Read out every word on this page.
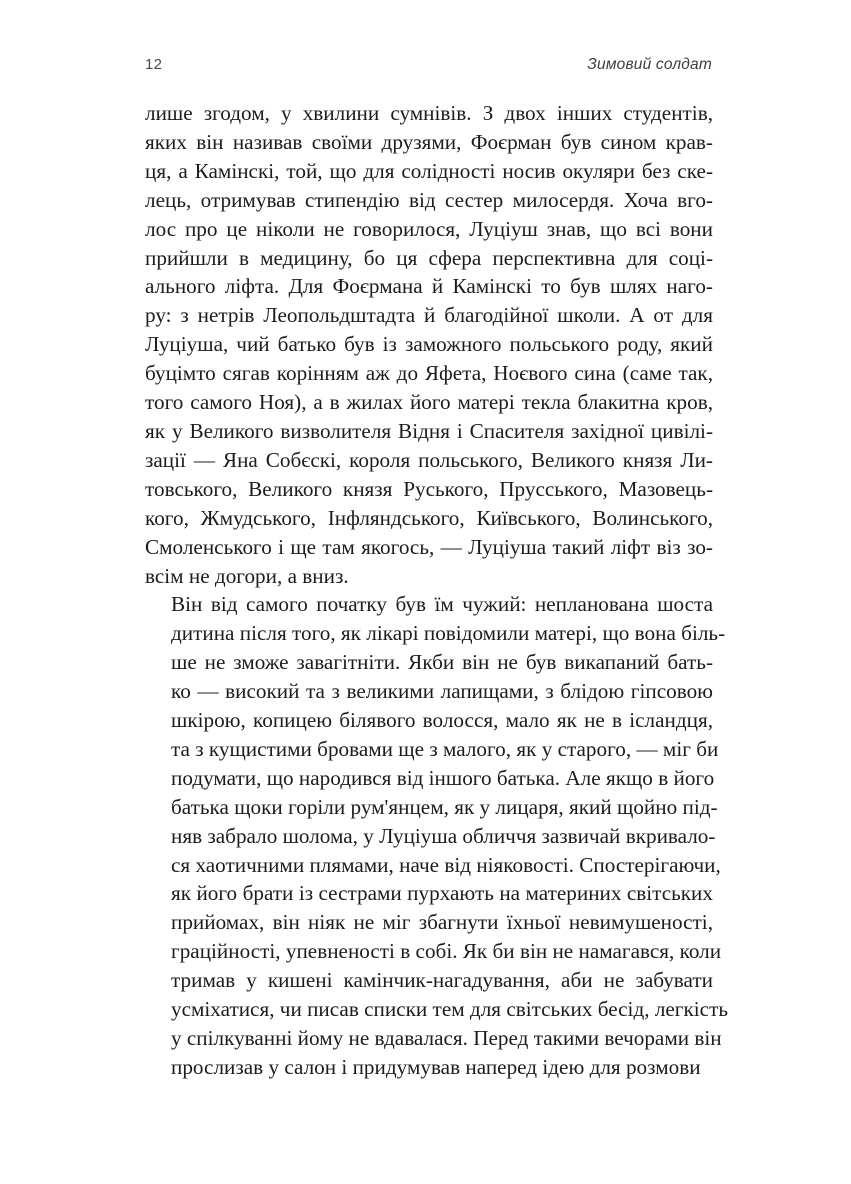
12	Зимовий солдат

лише згодом, у хвилини сумнівів. З двох інших студентів,
яких він називав своїми друзями, Фоєрман був сином крав-
ця, а Камінскі, той, що для солідності носив окуляри без ске-
лець, отримував стипендію від сестер милосердя. Хоча вго-
лос про це ніколи не говорилося, Луціуш знав, що всі вони
прийшли в медицину, бо ця сфера перспективна для соці-
ального ліфта. Для Фоєрмана й Камінскі то був шлях наго-
ру: з нетрів Леопольдштадта й благодійної школи. А от для
Луціуша, чий батько був із заможного польського роду, який
буцімто сягав корінням аж до Яфета, Ноєвого сина (саме так,
того самого Ноя), а в жилах його матері текла блакитна кров,
як у Великого визволителя Відня і Спасителя західної цивілі-
зації — Яна Собєскі, короля польського, Великого князя Ли-
товського, Великого князя Руського, Прусського, Мазовець-
кого, Жмудського, Інфляндського, Київського, Волинського,
Смоленського і ще там якогось, — Луціуша такий ліфт віз зо-
всім не догори, а вниз.

Він від самого початку був їм чужий: непланована шоста
дитина після того, як лікарі повідомили матері, що вона біль-
ше не зможе завагітніти. Якби він не був викапаний бать-
ко — високий та з великими лапищами, з блідою гіпсовою
шкірою, копицею білявого волосся, мало як не в ісландця,
та з кущистими бровами ще з малого, як у старого, — міг би
подумати, що народився від іншого батька. Але якщо в його
батька щоки горіли рум'янцем, як у лицаря, який щойно під-
няв забрало шолома, у Луціуша обличчя зазвичай вкривало-
ся хаотичними плямами, наче від ніяковості. Спостерігаючи,
як його брати із сестрами пурхають на материних світських
прийомах, він ніяк не міг збагнути їхньої невимушеності,
граційності, упевненості в собі. Як би він не намагався, коли
тримав у кишені камінчик-нагадування, аби не забувати
усміхатися, чи писав списки тем для світських бесід, легкість
у спілкуванні йому не вдавалася. Перед такими вечорами він
прослизав у салон і придумував наперед ідею для розмови
